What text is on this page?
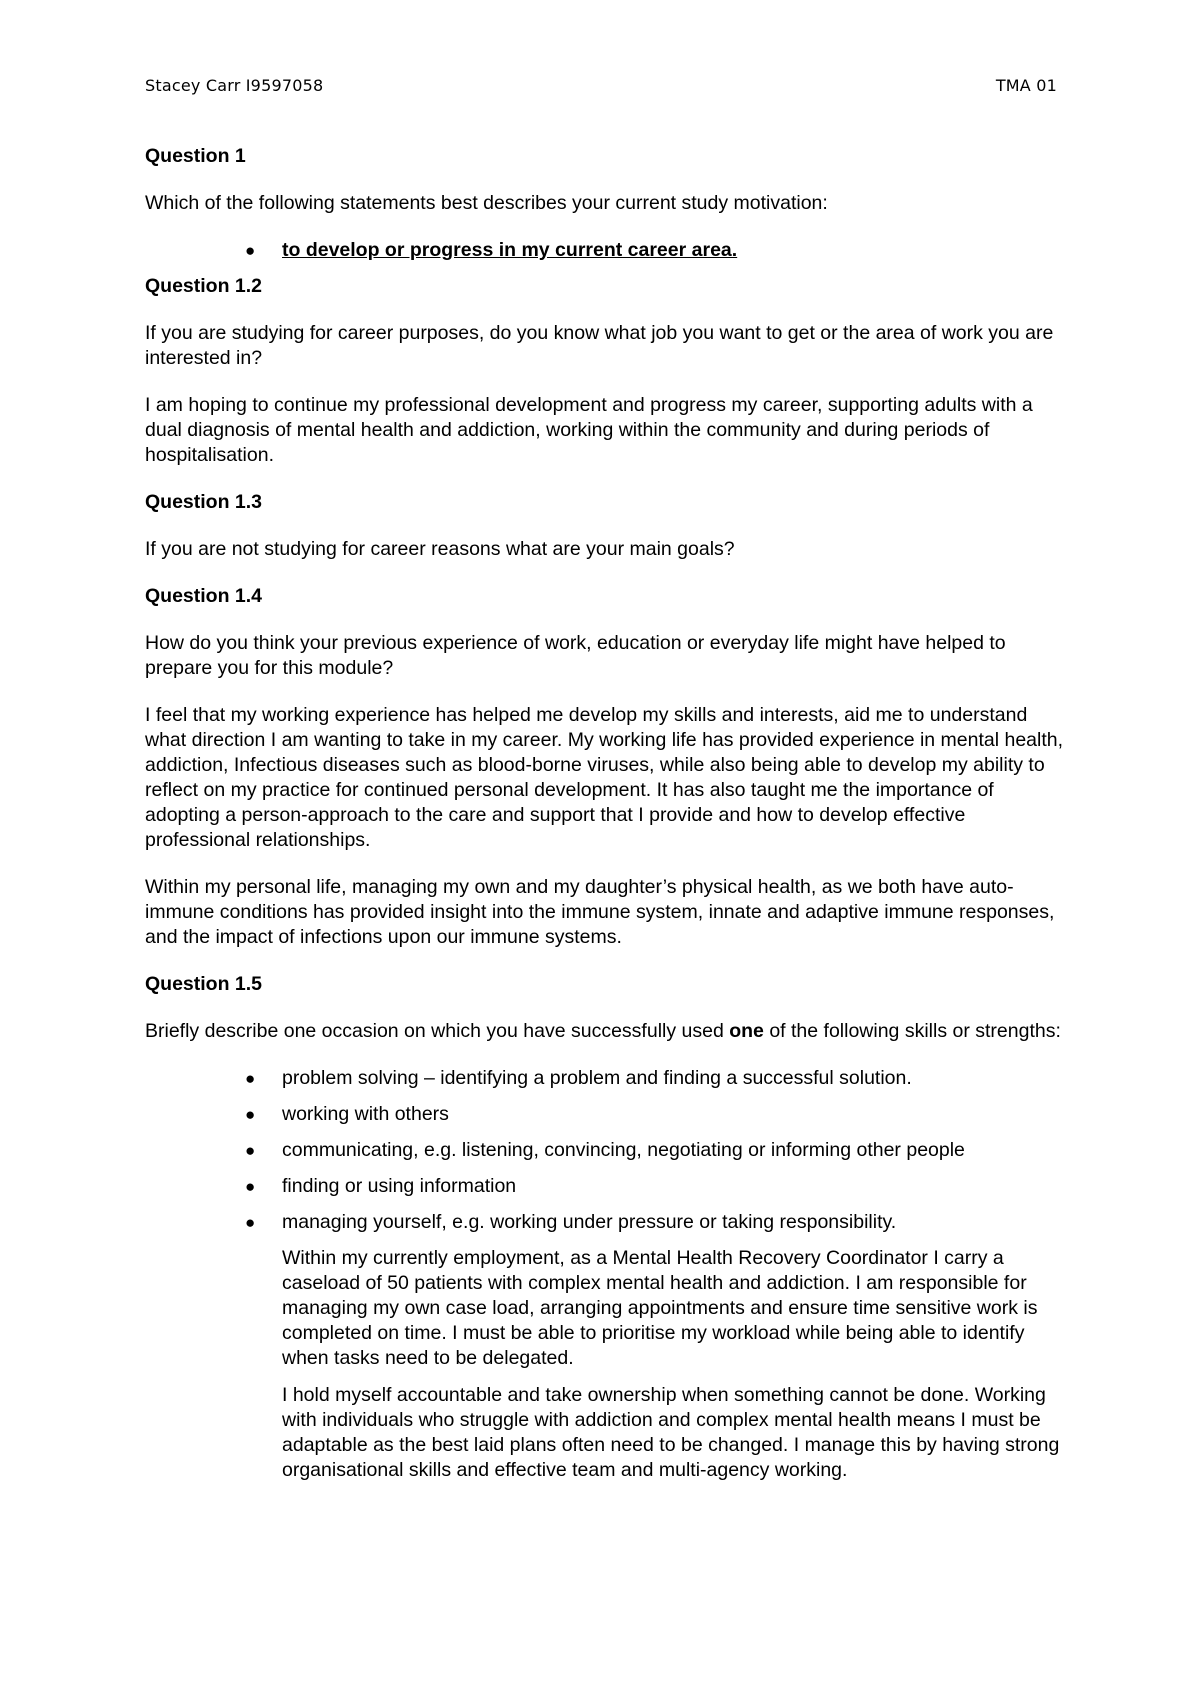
Stacey Carr I9597058	TMA 01
Question 1

Which of the following statements best describes your current study motivation:

● to develop or progress in my current career area.
Question 1.2

If you are studying for career purposes, do you know what job you want to get or the area of work you are interested in?

I am hoping to continue my professional development and progress my career, supporting adults with a dual diagnosis of mental health and addiction, working within the community and during periods of hospitalisation.

Question 1.3

If you are not studying for career reasons what are your main goals?

Question 1.4

How do you think your previous experience of work, education or everyday life might have helped to prepare you for this module?

I feel that my working experience has helped me develop my skills and interests, aid me to understand what direction I am wanting to take in my career. My working life has provided experience in mental health, addiction, Infectious diseases such as blood-borne viruses, while also being able to develop my ability to reflect on my practice for continued personal development. It has also taught me the importance of adopting a person-approach to the care and support that I provide and how to develop effective professional relationships.

Within my personal life, managing my own and my daughter’s physical health, as we both have auto-immune conditions has provided insight into the immune system, innate and adaptive immune responses, and the impact of infections upon our immune systems.

Question 1.5

Briefly describe one occasion on which you have successfully used one of the following skills or strengths:

● problem solving – identifying a problem and finding a successful solution.
● working with others
● communicating, e.g. listening, convincing, negotiating or informing other people
● finding or using information
● managing yourself, e.g. working under pressure or taking responsibility.

Within my currently employment, as a Mental Health Recovery Coordinator I carry a caseload of 50 patients with complex mental health and addiction. I am responsible for managing my own case load, arranging appointments and ensure time sensitive work is completed on time. I must be able to prioritise my workload while being able to identify when tasks need to be delegated.

I hold myself accountable and take ownership when something cannot be done. Working with individuals who struggle with addiction and complex mental health means I must be adaptable as the best laid plans often need to be changed. I manage this by having strong organisational skills and effective team and multi-agency working.
